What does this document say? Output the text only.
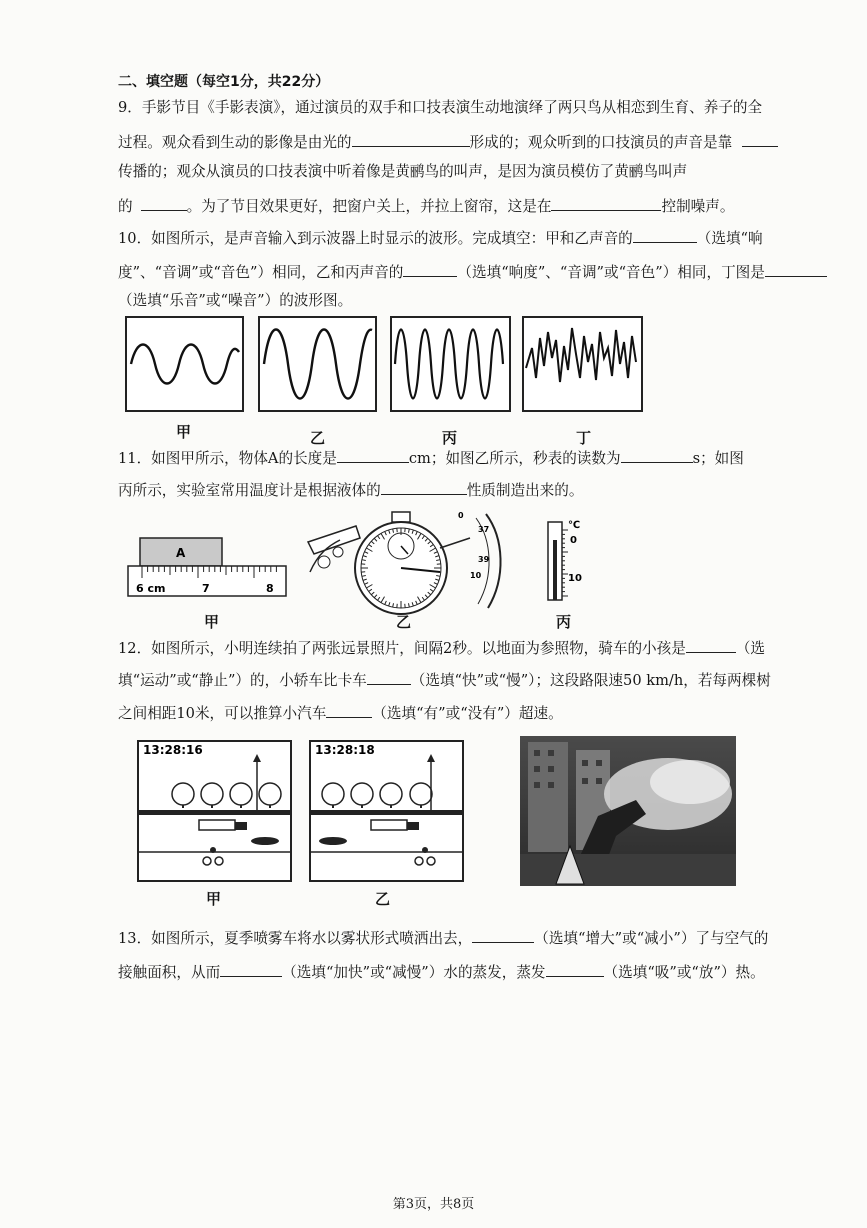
二、填空题（每空1分，共22分）
9．手影节目《手影表演》，通过演员的双手和口技表演生动地演绎了两只鸟从相恋到生育、养子的全
过程。观众看到生动的影像是由光的	形成的；观众听到的口技演员的声音是靠
传播的；观众从演员的口技表演中听着像是黄鹂鸟的叫声，是因为演员模仿了黄鹂鸟叫声
的	。为了节目效果更好，把窗户关上，并拉上窗帘，这是在	控制噪声。
10．如图所示，是声音输入到示波器上时显示的波形。完成填空：甲和乙声音的	（选填“响
度”、“音调”或“音色”）相同，乙和丙声音的	（选填“响度”、“音调”或“音色”）相同，丁图是
（选填“乐音”或“噪音”）的波形图。
甲	乙	丙	丁
11．如图甲所示，物体A的长度是	cm；如图乙所示，秒表的读数为	s；如图
丙所示，实验室常用温度计是根据液体的	性质制造出来的。
A
6 cm	7	8
0
37
39
10
℃
0
10
甲	乙	丙
12．如图所示，小明连续拍了两张远景照片，间隔2秒。以地面为参照物，骑车的小孩是	（选
填“运动”或“静止”）的，小轿车比卡车	（选填“快”或“慢”）；这段路限速50 km/h，若每两棵树
之间相距10米，可以推算小汽车	（选填“有”或“没有”）超速。
13:28:16	13:28:18
甲	乙
13．如图所示，夏季喷雾车将水以雾状形式喷洒出去，	（选填“增大”或“减小”）了与空气的
接触面积，从而	（选填“加快”或“减慢”）水的蒸发，蒸发	（选填“吸”或“放”）热。
第3页，共8页
